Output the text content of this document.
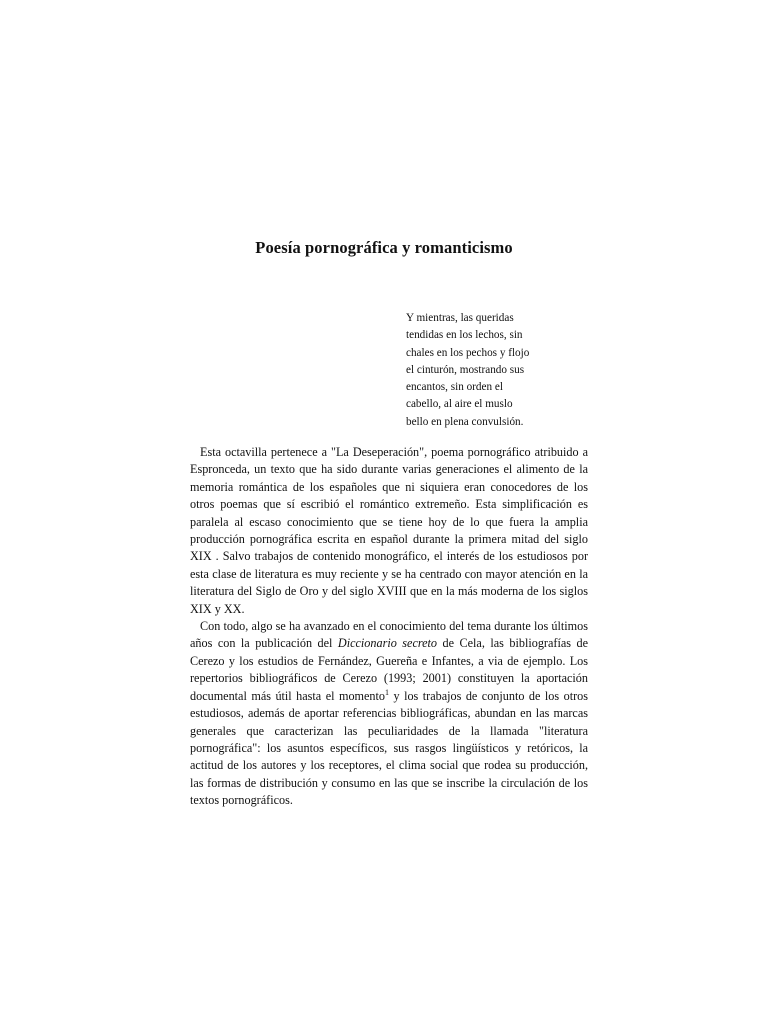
Poesía pornográfica y romanticismo
Y mientras, las queridas
tendidas en los lechos, sin
chales en los pechos y flojo
el cinturón, mostrando sus
encantos, sin orden el
cabello, al aire el muslo
bello en plena convulsión.

Esta octavilla pertenece a "La Deseperación", poema pornográfico atribuido a Espronceda, un texto que ha sido durante varias generaciones el alimento de la memoria romántica de los españoles que ni siquiera eran conocedores de los otros poemas que sí escribió el romántico extremeño. Esta simplificación es paralela al escaso conocimiento que se tiene hoy de lo que fuera la amplia producción pornográfica escrita en español durante la primera mitad del siglo XIX . Salvo trabajos de contenido monográfico, el interés de los estudiosos por esta clase de literatura es muy reciente y se ha centrado con mayor atención en la literatura del Siglo de Oro y del siglo XVIII que en la más moderna de los siglos XIX y XX.

Con todo, algo se ha avanzado en el conocimiento del tema durante los últimos años con la publicación del Diccionario secreto de Cela, las bibliografías de Cerezo y los estudios de Fernández, Guereña e Infantes, a via de ejemplo. Los repertorios bibliográficos de Cerezo (1993; 2001) constituyen la aportación documental más útil hasta el momento$^1$ y los trabajos de conjunto de los otros estudiosos, además de aportar referencias bibliográficas, abundan en las marcas generales que caracterizan las peculiaridades de la llamada "literatura pornográfica": los asuntos específicos, sus rasgos lingüísticos y retóricos, la actitud de los autores y los receptores, el clima social que rodea su producción, las formas de distribución y consumo en las que se inscribe la circulación de los textos pornográficos.
